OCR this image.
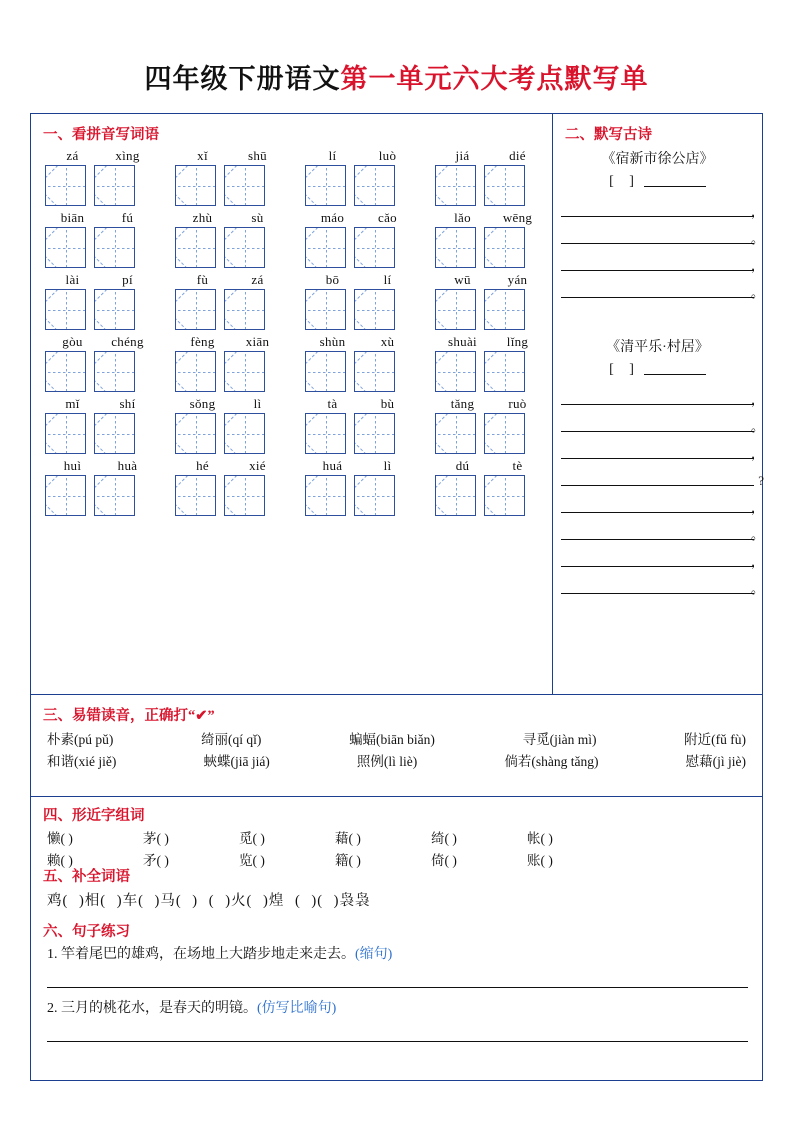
四年级下册语文第一单元六大考点默写单
一、看拼音写词语
zá	xìng	xǐ	shū	lí	luò	jiá	dié
biān	fú	zhù	sù	máo	cǎo	lǎo	wēng
lài	pí	fù	zá	bō	lí	wū	yán
gòu	chéng	fèng	xiān	shùn	xù	shuài	lǐng
mǐ	shí	sǒng	lì	tà	bù	tǎng	ruò
huì	huà	hé	xié	huá	lì	dú	tè
二、默写古诗
《宿新市徐公店》
[ ]
，
。
，
。
《清平乐·村居》
[ ]
，
。
，
?
，
。
，
。
三、易错读音，正确打“✔”
朴素(pú pǔ)	绮丽(qí qǐ)	蝙蝠(biān biǎn)	寻觅(jiàn mì)	附近(fǔ fù)
和谐(xié jiě)	蛺蝶(jiā jiá)	照例(lì liè)	倘若(shàng tǎng)	慰藉(jì jiè)
四、形近字组词
懒( )	茅( )	觅( )	藉( )	绮( )	帐( )
赖( )	矛( )	览( )	籍( )	倚( )	账( )
五、补全词语
鸡( )相( )车( )马( ) ( )火( )煌 ( )( )袅袅
六、句子练习
1. 竿着尾巴的雄鸡，在场地上大踏步地走来走去。(缩句)
2. 三月的桃花水，是春天的明镜。(仿写比喻句)
